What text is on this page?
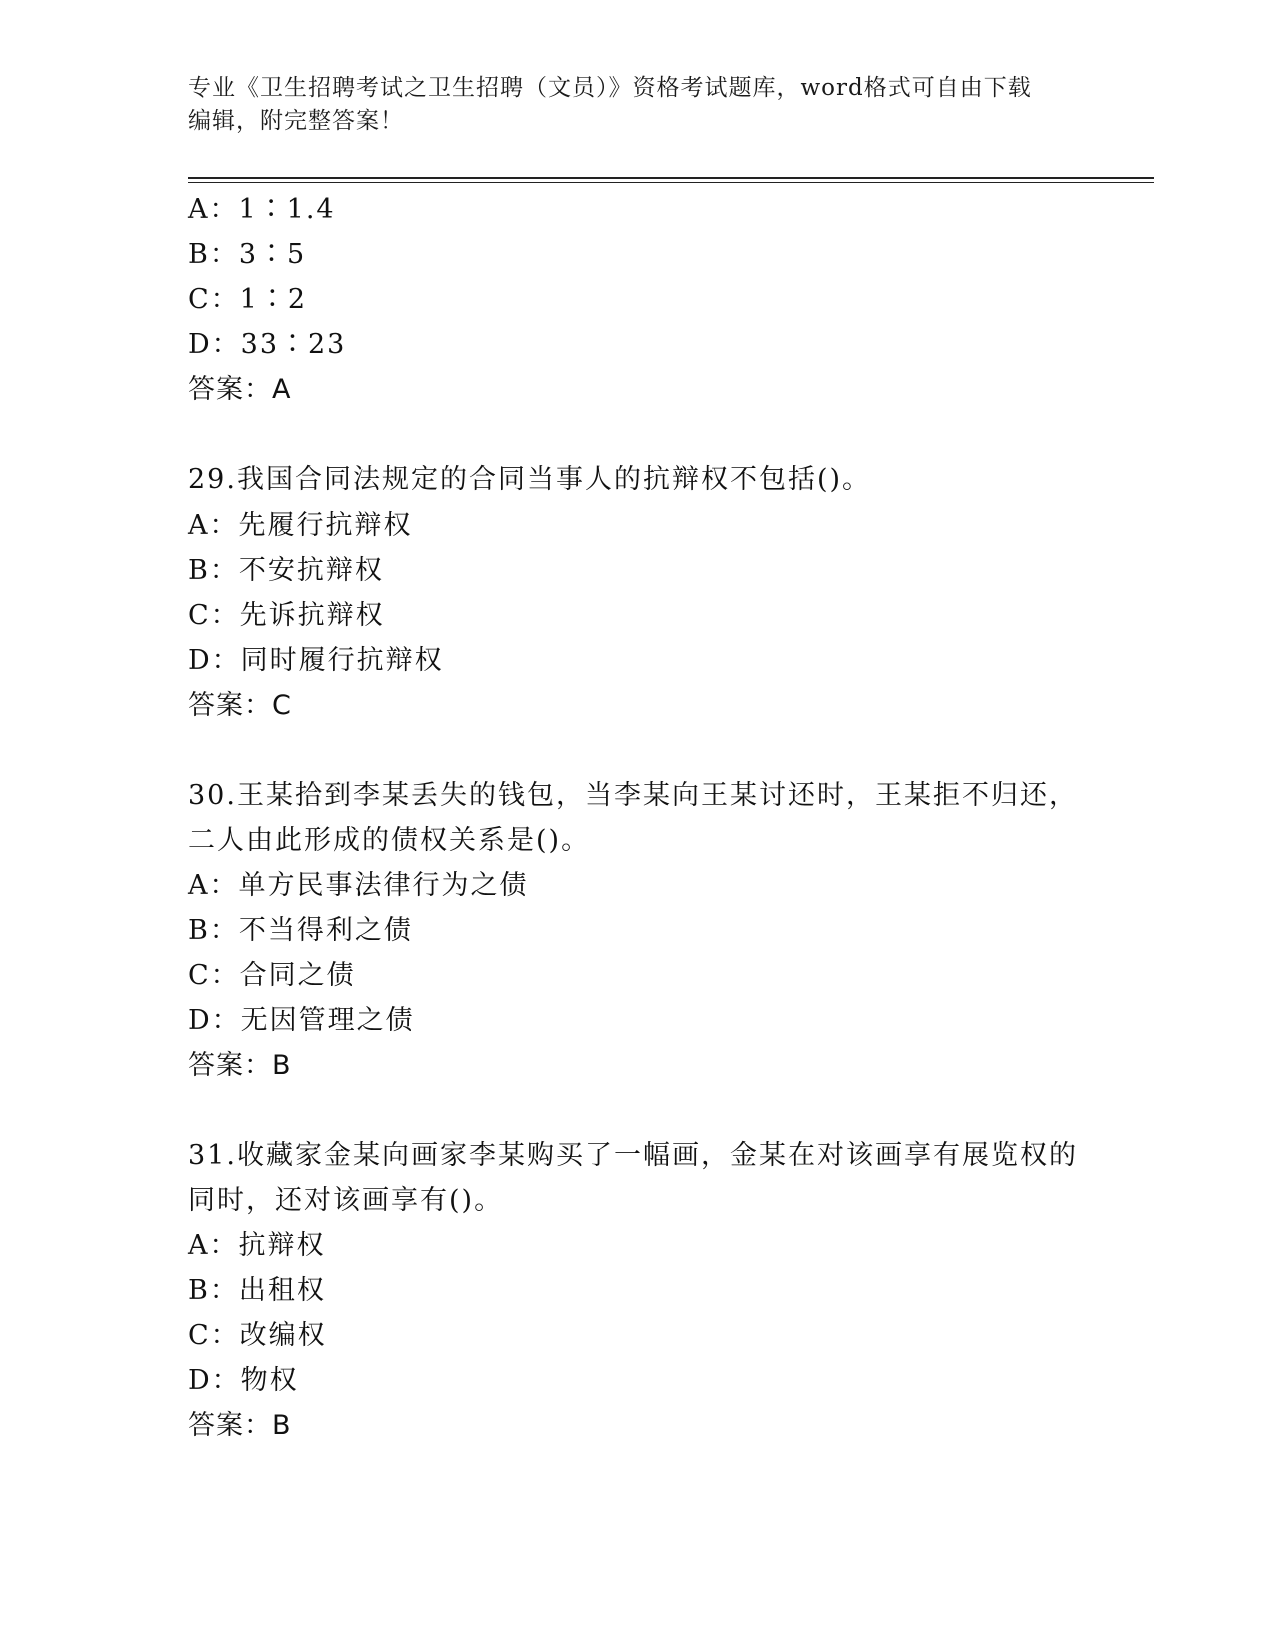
专业《卫生招聘考试之卫生招聘（文员）》资格考试题库，word格式可自由下载
编辑，附完整答案！
A：1∶1.4
B：3∶5
C：1∶2
D：33∶23
答案：A
29.我国合同法规定的合同当事人的抗辩权不包括()。
A：先履行抗辩权
B：不安抗辩权
C：先诉抗辩权
D：同时履行抗辩权
答案：C
30.王某拾到李某丢失的钱包，当李某向王某讨还时，王某拒不归还，
二人由此形成的债权关系是()。
A：单方民事法律行为之债
B：不当得利之债
C：合同之债
D：无因管理之债
答案：B
31.收藏家金某向画家李某购买了一幅画，金某在对该画享有展览权的
同时，还对该画享有()。
A：抗辩权
B：出租权
C：改编权
D：物权
答案：B
